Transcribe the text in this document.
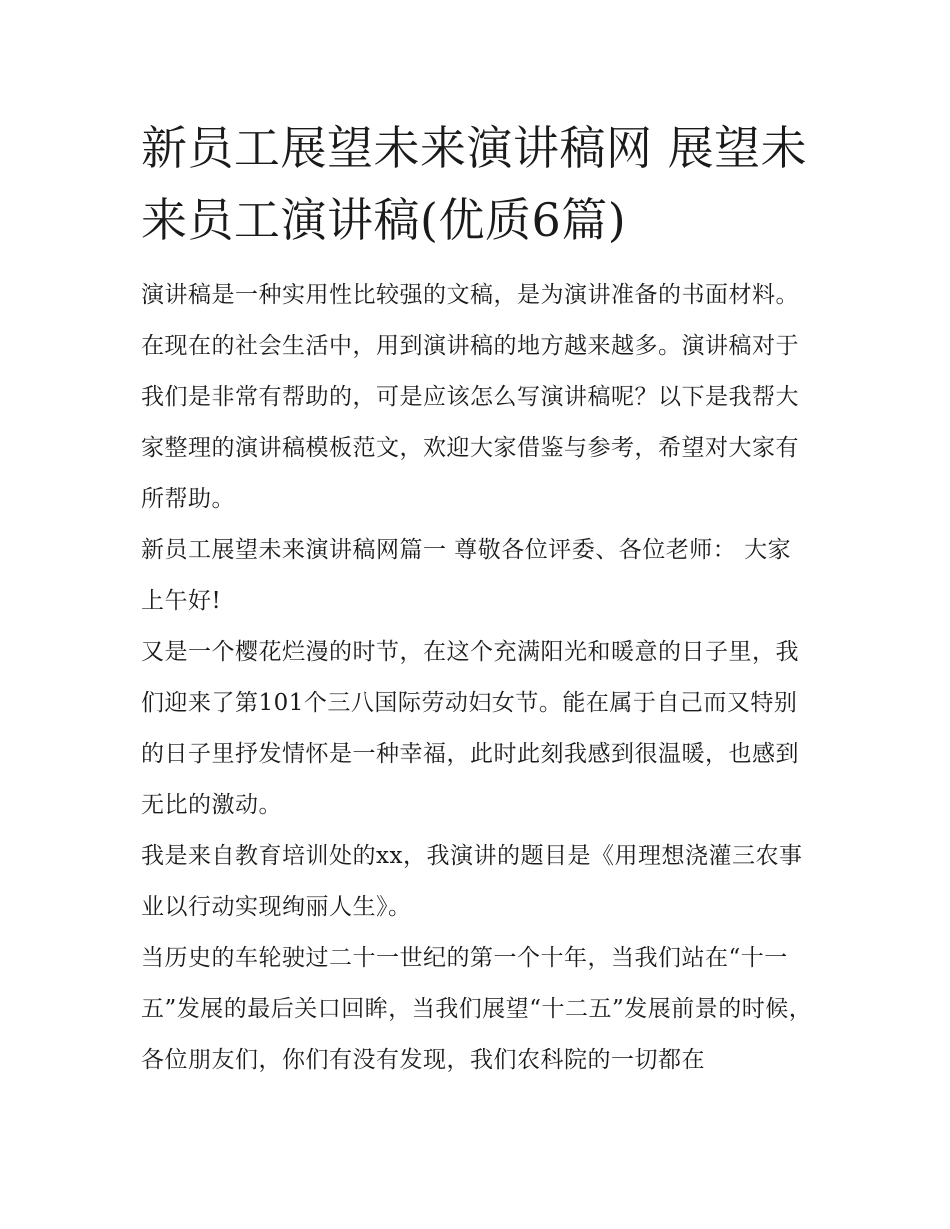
新员工展望未来演讲稿网 展望未来员工演讲稿(优质6篇)

演讲稿是一种实用性比较强的文稿，是为演讲准备的书面材料。在现在的社会生活中，用到演讲稿的地方越来越多。演讲稿对于我们是非常有帮助的，可是应该怎么写演讲稿呢？以下是我帮大家整理的演讲稿模板范文，欢迎大家借鉴与参考，希望对大家有所帮助。

新员工展望未来演讲稿网篇一 尊敬各位评委、各位老师： 大家上午好!

又是一个樱花烂漫的时节，在这个充满阳光和暖意的日子里，我们迎来了第101个三八国际劳动妇女节。能在属于自己而又特别的日子里抒发情怀是一种幸福，此时此刻我感到很温暖，也感到无比的激动。

我是来自教育培训处的xx，我演讲的题目是《用理想浇灌三农事业以行动实现绚丽人生》。

当历史的车轮驶过二十一世纪的第一个十年，当我们站在“十一五”发展的最后关口回眸，当我们展望“十二五”发展前景的时候，各位朋友们，你们有没有发现，我们农科院的一切都在
